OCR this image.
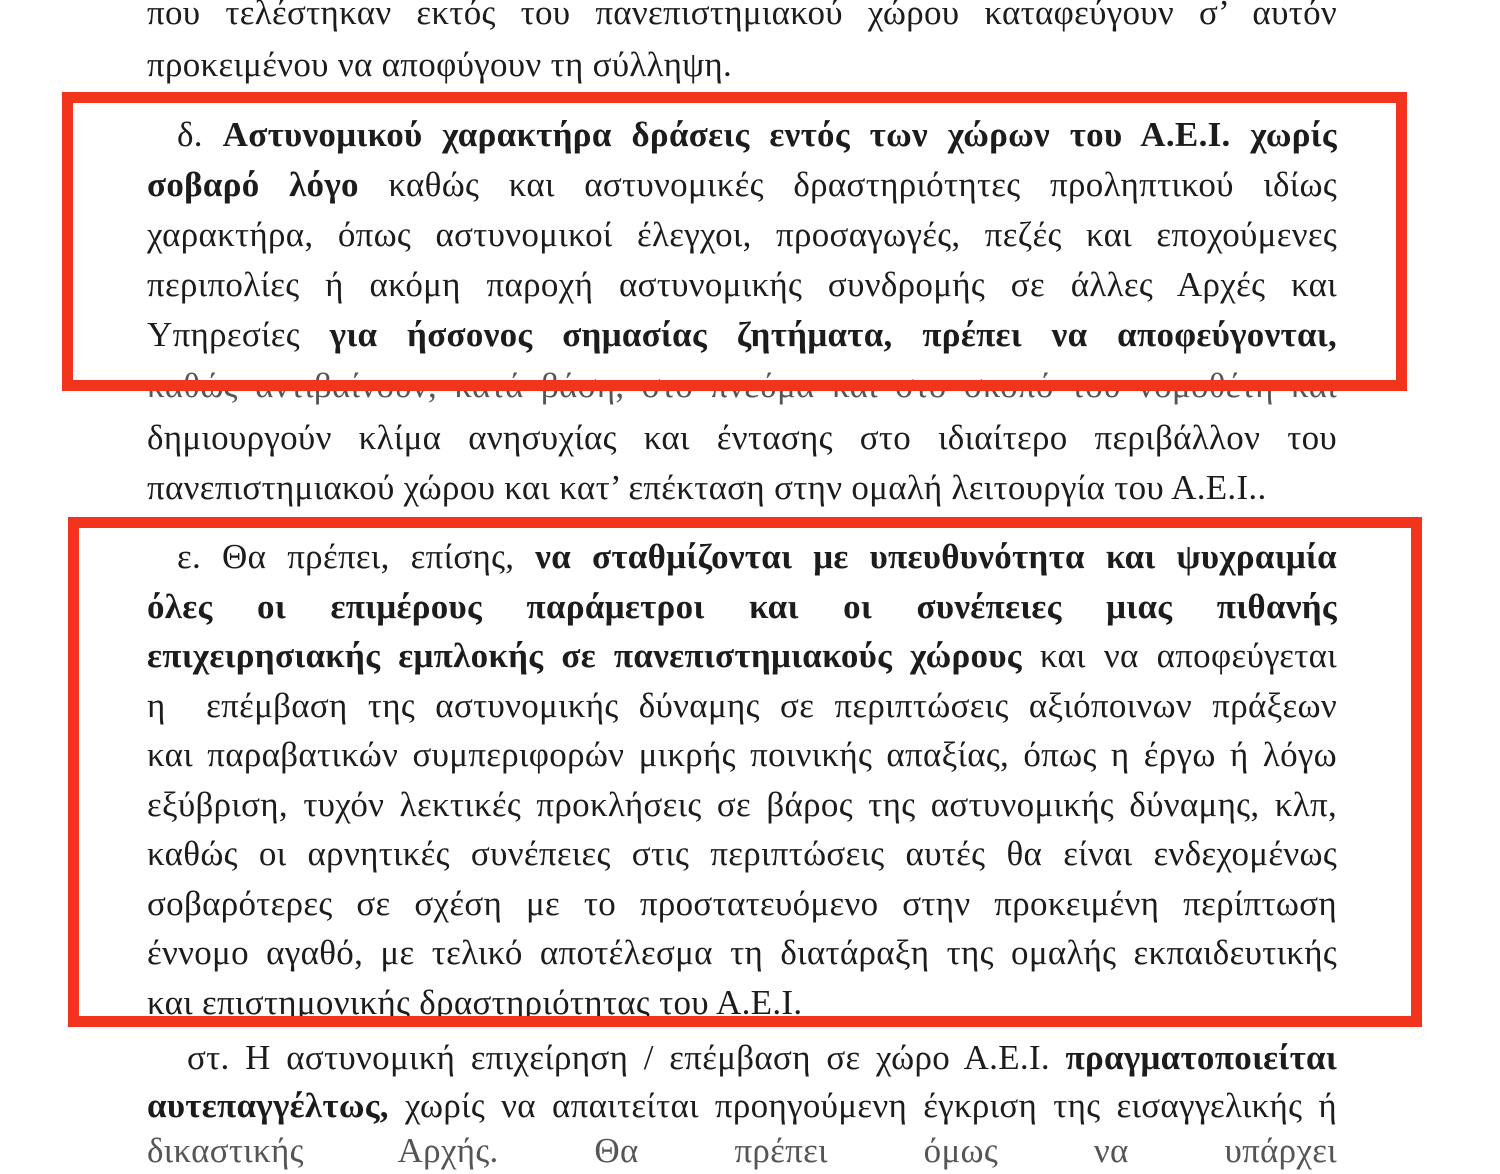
που τελέστηκαν εκτός του πανεπιστημιακού χώρου καταφεύγουν σ’ αυτόν
προκειμένου να αποφύγουν τη σύλληψη.
δ. Αστυνομικού χαρακτήρα δράσεις εντός των χώρων του Α.Ε.Ι. χωρίς
σοβαρό λόγο καθώς και αστυνομικές δραστηριότητες προληπτικού ιδίως
χαρακτήρα, όπως αστυνομικοί έλεγχοι, προσαγωγές, πεζές και εποχούμενες
περιπολίες ή ακόμη παροχή αστυνομικής συνδρομής σε άλλες Αρχές και
Υπηρεσίες για ήσσονος σημασίας ζητήματα, πρέπει να αποφεύγονται,
καθώς αντιβαίνουν, κατά βάση, στο πνεύμα και στο σκοπό του νομοθέτη και
δημιουργούν κλίμα ανησυχίας και έντασης στο ιδιαίτερο περιβάλλον του
πανεπιστημιακού χώρου και κατ’ επέκταση στην ομαλή λειτουργία του Α.Ε.Ι..
ε. Θα πρέπει, επίσης, να σταθμίζονται με υπευθυνότητα και ψυχραιμία
όλες οι επιμέρους παράμετροι και οι συνέπειες μιας πιθανής
επιχειρησιακής εμπλοκής σε πανεπιστημιακούς χώρους και να αποφεύγεται
η  επέμβαση της αστυνομικής δύναμης σε περιπτώσεις αξιόποινων πράξεων
και παραβατικών συμπεριφορών μικρής ποινικής απαξίας, όπως η έργω ή λόγω
εξύβριση, τυχόν λεκτικές προκλήσεις σε βάρος της αστυνομικής δύναμης, κλπ,
καθώς οι αρνητικές συνέπειες στις περιπτώσεις αυτές θα είναι ενδεχομένως
σοβαρότερες σε σχέση με το προστατευόμενο στην προκειμένη περίπτωση
έννομο αγαθό, με τελικό αποτέλεσμα τη διατάραξη της ομαλής εκπαιδευτικής
και επιστημονικής δραστηριότητας του Α.Ε.Ι.
στ. Η αστυνομική επιχείρηση / επέμβαση σε χώρο Α.Ε.Ι. πραγματοποιείται
αυτεπαγγέλτως, χωρίς να απαιτείται προηγούμενη έγκριση της εισαγγελικής ή
δικαστικής Αρχής. Θα πρέπει όμως να υπάρχει
